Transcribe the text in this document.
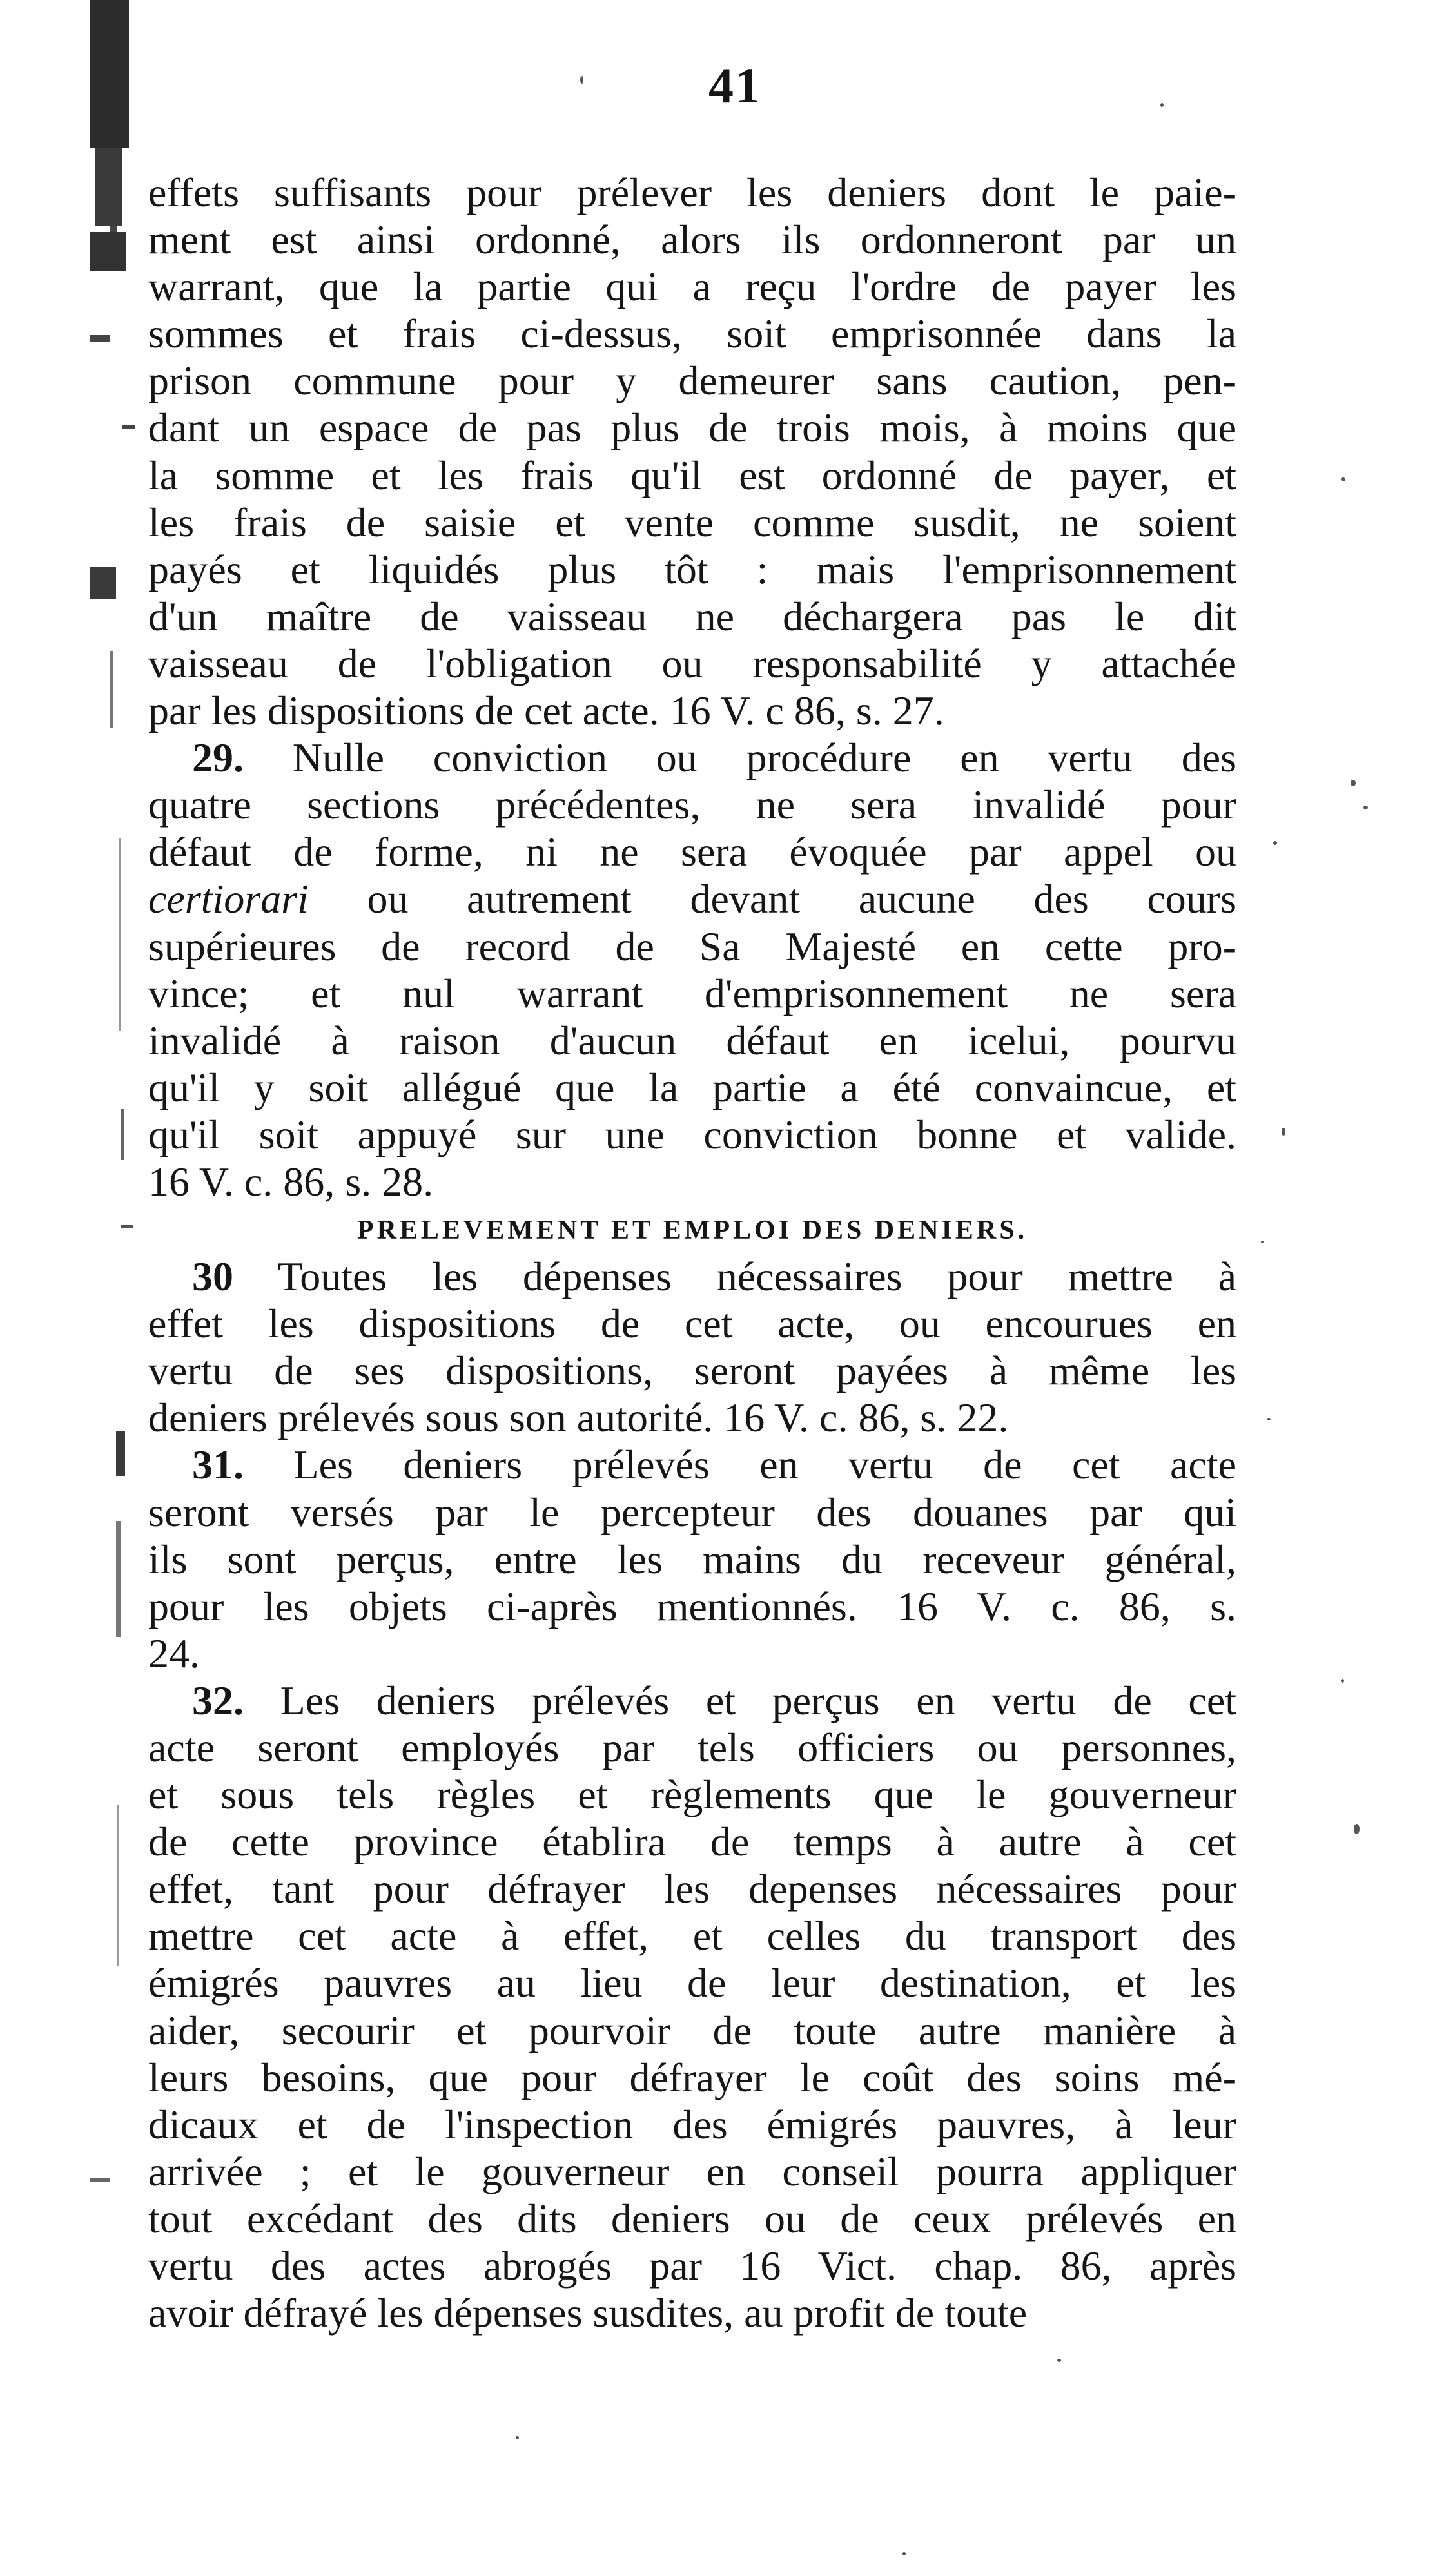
41
effets suffisants pour prélever les deniers dont le paie-
ment est ainsi ordonné, alors ils ordonneront par un
warrant, que la partie qui a reçu l'ordre de payer les
sommes et frais ci-dessus, soit emprisonnée dans la
prison commune pour y demeurer sans caution, pen-
dant un espace de pas plus de trois mois, à moins que
la somme et les frais qu'il est ordonné de payer, et
les frais de saisie et vente comme susdit, ne soient
payés et liquidés plus tôt : mais l'emprisonnement
d'un maître de vaisseau ne déchargera pas le dit
vaisseau de l'obligation ou responsabilité y attachée
par les dispositions de cet acte. 16 V. c 86, s. 27.
29. Nulle conviction ou procédure en vertu des
quatre sections précédentes, ne sera invalidé pour
défaut de forme, ni ne sera évoquée par appel ou
certiorari ou autrement devant aucune des cours
supérieures de record de Sa Majesté en cette pro-
vince; et nul warrant d'emprisonnement ne sera
invalidé à raison d'aucun défaut en icelui, pourvu
qu'il y soit allégué que la partie a été convaincue, et
qu'il soit appuyé sur une conviction bonne et valide.
16 V. c. 86, s. 28.
PRELEVEMENT ET EMPLOI DES DENIERS.
30 Toutes les dépenses nécessaires pour mettre à
effet les dispositions de cet acte, ou encourues en
vertu de ses dispositions, seront payées à même les
deniers prélevés sous son autorité. 16 V. c. 86, s. 22.
31. Les deniers prélevés en vertu de cet acte
seront versés par le percepteur des douanes par qui
ils sont perçus, entre les mains du receveur général,
pour les objets ci-après mentionnés. 16 V. c. 86, s.
24.
32. Les deniers prélevés et perçus en vertu de cet
acte seront employés par tels officiers ou personnes,
et sous tels règles et règlements que le gouverneur
de cette province établira de temps à autre à cet
effet, tant pour défrayer les depenses nécessaires pour
mettre cet acte à effet, et celles du transport des
émigrés pauvres au lieu de leur destination, et les
aider, secourir et pourvoir de toute autre manière à
leurs besoins, que pour défrayer le coût des soins mé-
dicaux et de l'inspection des émigrés pauvres, à leur
arrivée ; et le gouverneur en conseil pourra appliquer
tout excédant des dits deniers ou de ceux prélevés en
vertu des actes abrogés par 16 Vict. chap. 86, après
avoir défrayé les dépenses susdites, au profit de toute
